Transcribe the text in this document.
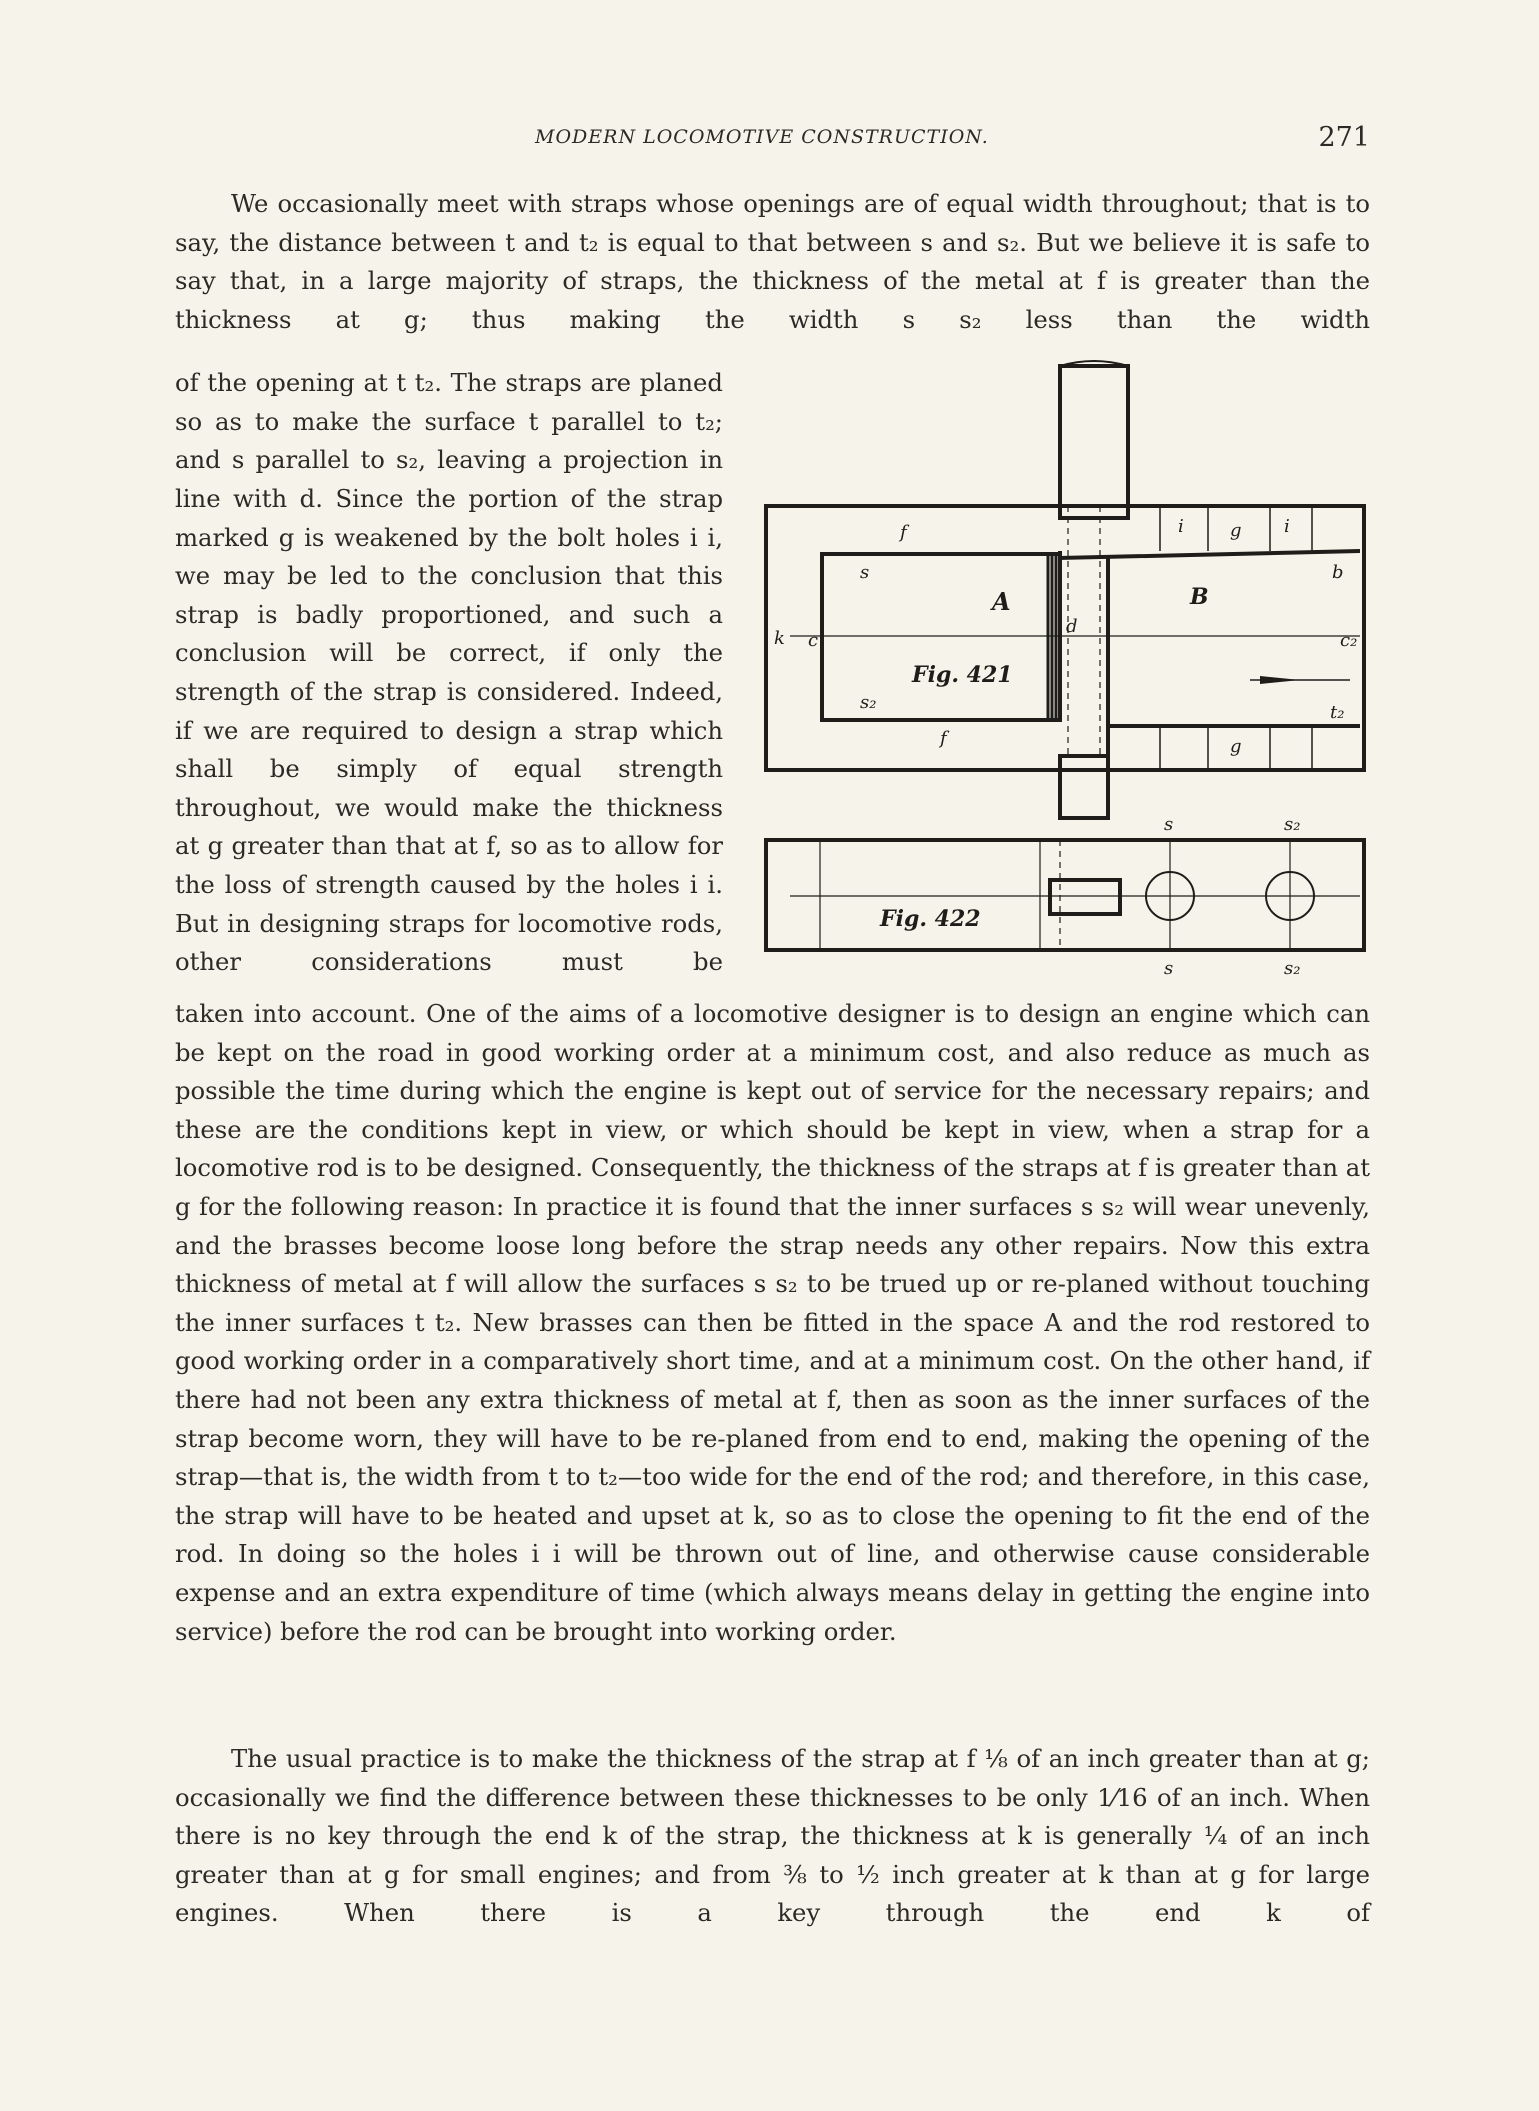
MODERN LOCOMOTIVE CONSTRUCTION.	271

We occasionally meet with straps whose openings are of equal width throughout; that is to say, the distance between t and t₂ is equal to that between s and s₂. But we believe it is safe to say that, in a large majority of straps, the thickness of the metal at f is greater than the thickness at g; thus making the width s s₂ less than the width

of the opening at t t₂. The straps are planed so as to make the surface t parallel to t₂; and s parallel to s₂, leaving a projection in line with d. Since the portion of the strap marked g is weakened by the bolt holes i i, we may be led to the conclusion that this strap is badly proportioned, and such a conclusion will be correct, if only the strength of the strap is considered. Indeed, if we are required to design a strap which shall be simply of equal strength throughout, we would make the thickness at g greater than that at f, so as to allow for the loss of strength caused by the holes i i. But in designing straps for locomotive rods, other considerations must be

A	B
Fig. 421
Fig. 422
d
c	c₂
k
s
s₂
b
t₂
i	i
f	g
f	g
s	s₂
s	s₂

taken into account. One of the aims of a locomotive designer is to design an engine which can be kept on the road in good working order at a minimum cost, and also reduce as much as possible the time during which the engine is kept out of service for the necessary repairs; and these are the conditions kept in view, or which should be kept in view, when a strap for a locomotive rod is to be designed. Consequently, the thickness of the straps at f is greater than at g for the following reason: In practice it is found that the inner surfaces s s₂ will wear unevenly, and the brasses become loose long before the strap needs any other repairs. Now this extra thickness of metal at f will allow the surfaces s s₂ to be trued up or re-planed without touching the inner surfaces t t₂. New brasses can then be fitted in the space A and the rod restored to good working order in a comparatively short time, and at a minimum cost. On the other hand, if there had not been any extra thickness of metal at f, then as soon as the inner surfaces of the strap become worn, they will have to be re-planed from end to end, making the opening of the strap—that is, the width from t to t₂—too wide for the end of the rod; and therefore, in this case, the strap will have to be heated and upset at k, so as to close the opening to fit the end of the rod. In doing so the holes i i will be thrown out of line, and otherwise cause considerable expense and an extra expenditure of time (which always means delay in getting the engine into service) before the rod can be brought into working order.

The usual practice is to make the thickness of the strap at f ⅛ of an inch greater than at g; occasionally we find the difference between these thicknesses to be only 1⁄16 of an inch. When there is no key through the end k of the strap, the thickness at k is generally ¼ of an inch greater than at g for small engines; and from ⅜ to ½ inch greater at k than at g for large engines. When there is a key through the end k of
